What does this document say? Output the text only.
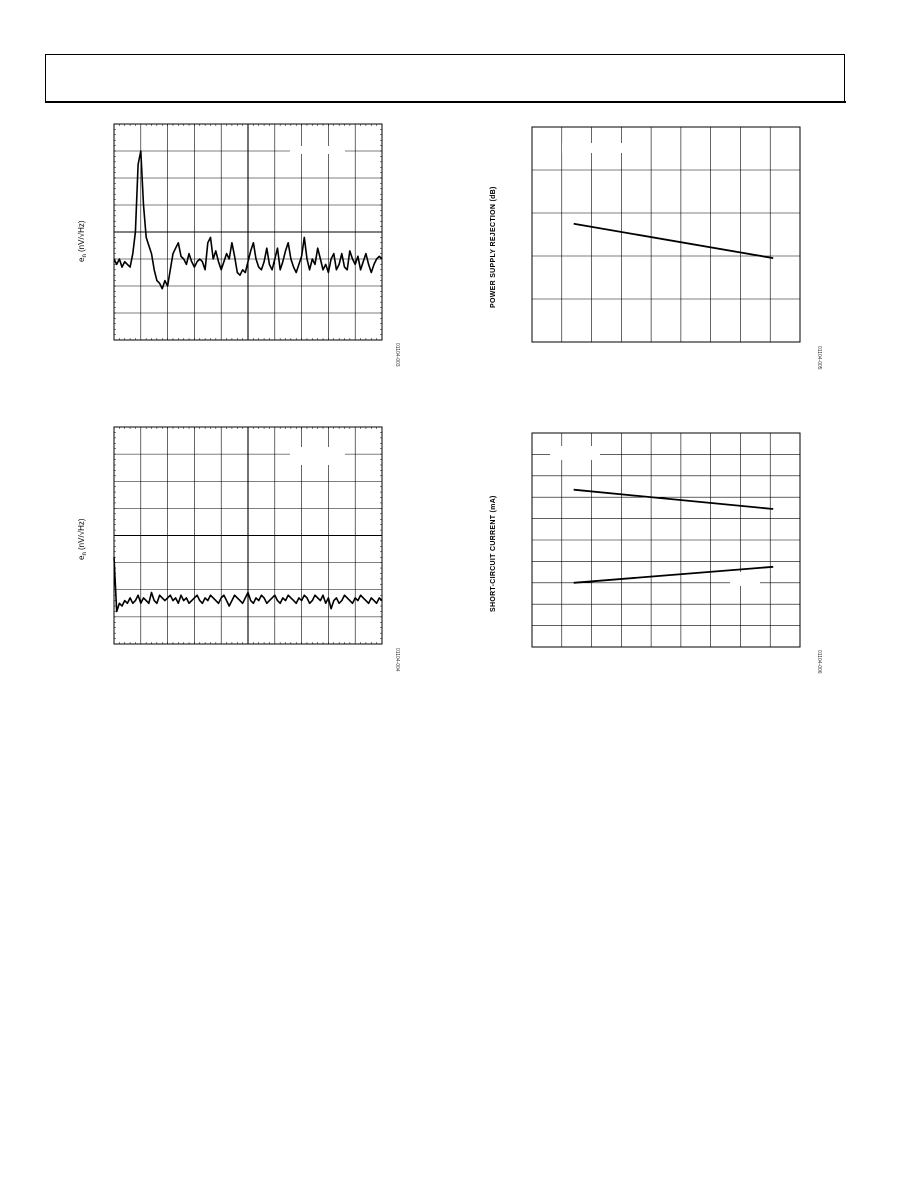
$e_n$ (nV/√Hz)
01104-003
POWER SUPPLY REJECTION (dB)
01104-005
$e_n$ (nV/√Hz)
01104-004
SHORT-CIRCUIT CURRENT (mA)
01104-006
